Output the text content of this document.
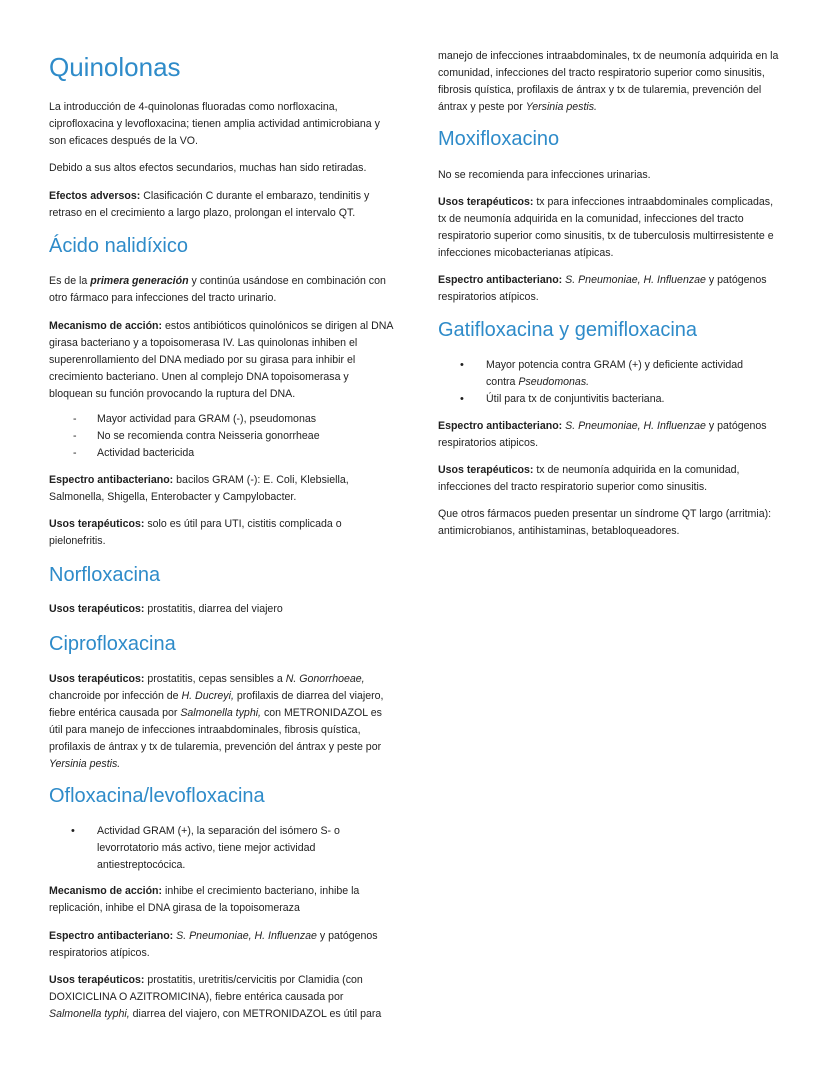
Quinolonas

La introducción de 4-quinolonas fluoradas como norfloxacina, ciprofloxacina y levofloxacina; tienen amplia actividad antimicrobiana y son eficaces después de la VO.

Debido a sus altos efectos secundarios, muchas han sido retiradas.

Efectos adversos: Clasificación C durante el embarazo, tendinitis y retraso en el crecimiento a largo plazo, prolongan el intervalo QT.

Ácido nalidíxico

Es de la primera generación y continúa usándose en combinación con otro fármaco para infecciones del tracto urinario.

Mecanismo de acción: estos antibióticos quinolónicos se dirigen al DNA girasa bacteriano y a topoisomerasa IV. Las quinolonas inhiben el superenrollamiento del DNA mediado por su girasa para inhibir el crecimiento bacteriano. Unen al complejo DNA topoisomerasa y bloquean su función provocando la ruptura del DNA.

- Mayor actividad para GRAM (-), pseudomonas
- No se recomienda contra Neisseria gonorrheae
- Actividad bactericida

Espectro antibacteriano: bacilos GRAM (-): E. Coli, Klebsiella, Salmonella, Shigella, Enterobacter y Campylobacter.

Usos terapéuticos: solo es útil para UTI, cistitis complicada o pielonefritis.

Norfloxacina

Usos terapéuticos: prostatitis, diarrea del viajero

Ciprofloxacina

Usos terapéuticos: prostatitis, cepas sensibles a N. Gonorrhoeae, chancroide por infección de H. Ducreyi, profilaxis de diarrea del viajero, fiebre entérica causada por Salmonella typhi, con METRONIDAZOL es útil para manejo de infecciones intraabdominales, fibrosis quística, profilaxis de ántrax y tx de tularemia, prevención del ántrax y peste por Yersinia pestis.

Ofloxacina/levofloxacina
• Actividad GRAM (+), la separación del isómero S- o levorrotatorio más activo, tiene mejor actividad antiestreptocócica.

Mecanismo de acción: inhibe el crecimiento bacteriano, inhibe la replicación, inhibe el DNA girasa de la topoisomeraza

Espectro antibacteriano: S. Pneumoniae, H. Influenzae y patógenos respiratorios atípicos.

Usos terapéuticos: prostatitis, uretritis/cervicitis por Clamidia (con DOXICICLINA O AZITROMICINA), fiebre entérica causada por Salmonella typhi, diarrea del viajero, con METRONIDAZOL es útil para

manejo de infecciones intraabdominales, tx de neumonía adquirida en la comunidad, infecciones del tracto respiratorio superior como sinusitis, fibrosis quística, profilaxis de ántrax y tx de tularemia, prevención del ántrax y peste por Yersinia pestis.

Moxifloxacino

No se recomienda para infecciones urinarias.

Usos terapéuticos: tx para infecciones intraabdominales complicadas, tx de neumonía adquirida en la comunidad, infecciones del tracto respiratorio superior como sinusitis, tx de tuberculosis multirresistente e infecciones micobacterianas atípicas.

Espectro antibacteriano: S. Pneumoniae, H. Influenzae y patógenos respiratorios atípicos.

Gatifloxacina y gemifloxacina
• Mayor potencia contra GRAM (+) y deficiente actividad contra Pseudomonas.
• Útil para tx de conjuntivitis bacteriana.

Espectro antibacteriano: S. Pneumoniae, H. Influenzae y patógenos respiratorios atipicos.

Usos terapéuticos: tx de neumonía adquirida en la comunidad, infecciones del tracto respiratorio superior como sinusitis.

Que otros fármacos pueden presentar un síndrome QT largo (arritmia): antimicrobianos, antihistaminas, betabloqueadores.
